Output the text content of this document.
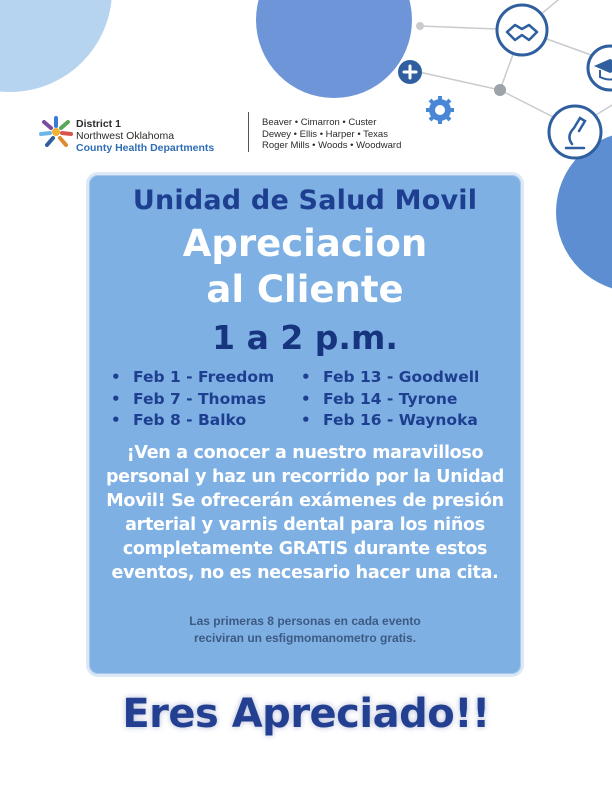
District 1
Northwest Oklahoma
County Health Departments
Beaver • Cimarron • Custer
Dewey • Ellis • Harper • Texas
Roger Mills • Woods • Woodward
Unidad de Salud Movil
Apreciacion
al Cliente
1 a 2 p.m.
• Feb 1 - Freedom
• Feb 7 - Thomas
• Feb 8 - Balko
• Feb 13 - Goodwell
• Feb 14 - Tyrone
• Feb 16 - Waynoka
¡Ven a conocer a nuestro maravilloso
personal y haz un recorrido por la Unidad
Movil! Se ofrecerán exámenes de presión
arterial y varnis dental para los niños
completamente GRATIS durante estos
eventos, no es necesario hacer una cita.
Las primeras 8 personas en cada evento
reciviran un esfigmomanometro gratis.
Eres Apreciado!!
